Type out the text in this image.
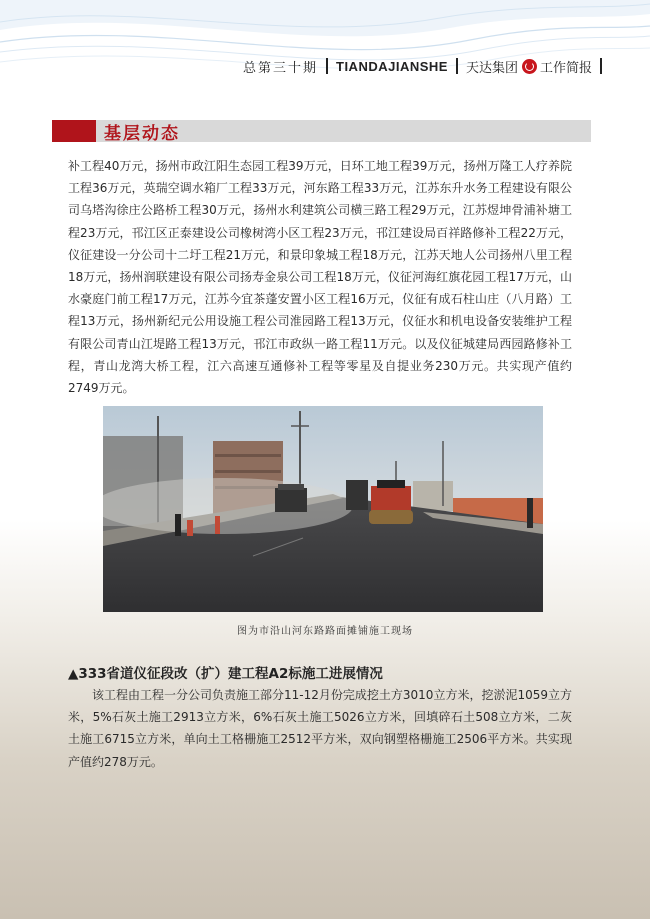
总第三十期 TIANDAJIANSHE 天达集团 工作简报
基层动态
补工程40万元，扬州市政江阳生态园工程39万元，日环工地工程39万元，扬州万隆工人疗养院工程36万元，英瑞空调水箱厂工程33万元，河东路工程33万元，江苏东升水务工程建设有限公司乌塔沟徐庄公路桥工程30万元，扬州水利建筑公司横三路工程29万元，江苏煜坤骨浦补塘工程23万元，邗江区正泰建设公司橡树湾小区工程23万元，邗江建设局百祥路修补工程22万元，仪征建设一分公司十二圩工程21万元，和景印象城工程18万元，江苏天地人公司扬州八里工程18万元，扬州润联建设有限公司扬寿金泉公司工程18万元，仪征河海红旗花园工程17万元，山水豪庭门前工程17万元，江苏今宜茶蓬安置小区工程16万元，仪征有成石柱山庄（八月路）工程13万元，扬州新纪元公用设施工程公司淮园路工程13万元，仪征水和机电设备安装维护工程有限公司青山江堤路工程13万元，邗江市政纵一路工程11万元。以及仪征城建局西园路修补工程，青山龙湾大桥工程，江六高速互通修补工程等零星及自提业务230万元。共实现产值约2749万元。
图为市沿山河东路路面摊铺施工现场
▲333省道仪征段改（扩）建工程A2标施工进展情况
该工程由工程一分公司负责施工部分11-12月份完成挖土方3010立方米，挖淤泥1059立方米，5%石灰土施工2913立方米，6%石灰土施工5026立方米，回填碎石土508立方米，二灰土施工6715立方米，单向土工格栅施工2512平方米，双向钢塑格栅施工2506平方米。共实现产值约278万元。
